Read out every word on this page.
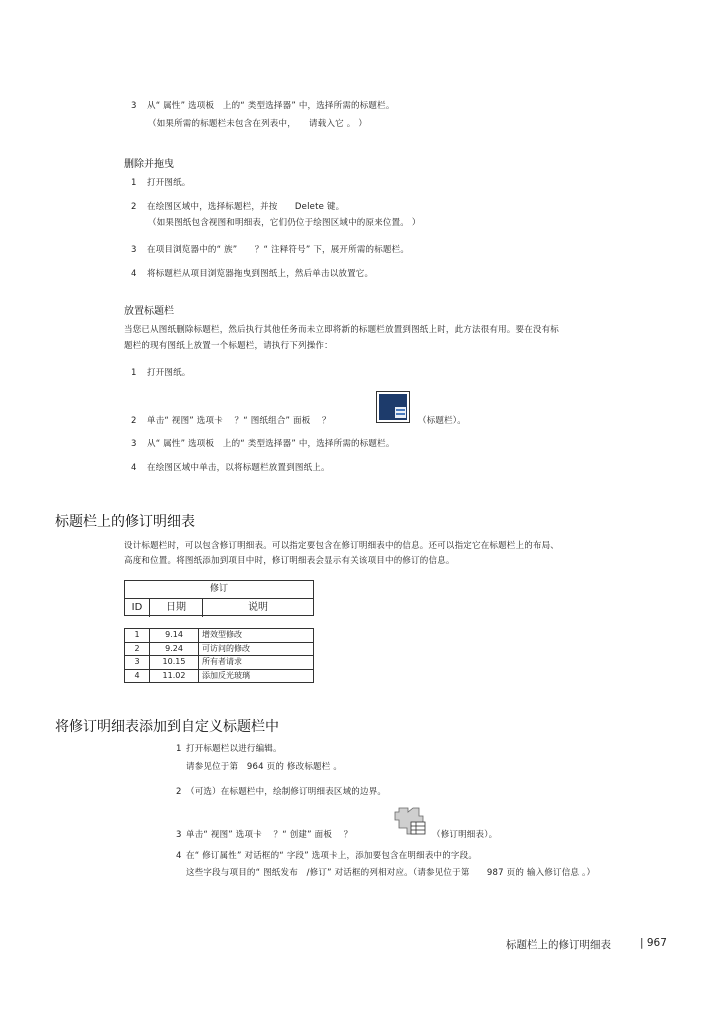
3 从“ 属性” 选项板　上的“ 类型选择器” 中，选择所需的标题栏。
（如果所需的标题栏未包含在列表中，　　请载入它 。 ）
删除并拖曳
1 打开图纸。
2 在绘图区域中，选择标题栏，并按　　Delete 键。
（如果图纸包含视图和明细表，它们仍位于绘图区域中的原来位置。 ）
3 在项目浏览器中的“ 族”　　？“ 注释符号” 下，展开所需的标题栏。
4 将标题栏从项目浏览器拖曳到图纸上，然后单击以放置它。
放置标题栏
当您已从图纸删除标题栏，然后执行其他任务而未立即将新的标题栏放置到图纸上时，此方法很有用。要在没有标
题栏的现有图纸上放置一个标题栏，请执行下列操作：
1 打开图纸。
2 单击“ 视图” 选项卡　 ？“ 图纸组合” 面板　 ？	（标题栏）。
3 从“ 属性” 选项板　上的“ 类型选择器” 中，选择所需的标题栏。
4 在绘图区域中单击，以将标题栏放置到图纸上。
标题栏上的修订明细表
设计标题栏时，可以包含修订明细表。可以指定要包含在修订明细表中的信息。还可以指定它在标题栏上的布局、
高度和位置。将图纸添加到项目中时，修订明细表会显示有关该项目中的修订的信息。
修订
ID	日期	说明
1	9.14	增效型修改
2	9.24	可访问的修改
3	10.15	所有者请求
4	11.02	添加反光玻璃
将修订明细表添加到自定义标题栏中
1 打开标题栏以进行编辑。
请参见位于第　964 页的 修改标题栏 。
2 （可选）在标题栏中，绘制修订明细表区域的边界。
3 单击“ 视图” 选项卡　 ？“ 创建” 面板　 ？	（修订明细表）。
4 在“ 修订属性” 对话框的“ 字段” 选项卡上，添加要包含在明细表中的字段。
这些字段与项目的“ 图纸发布　/修订” 对话框的列相对应。（请参见位于第　　987 页的 输入修订信息 。）
标题栏上的修订明细表	| 967
